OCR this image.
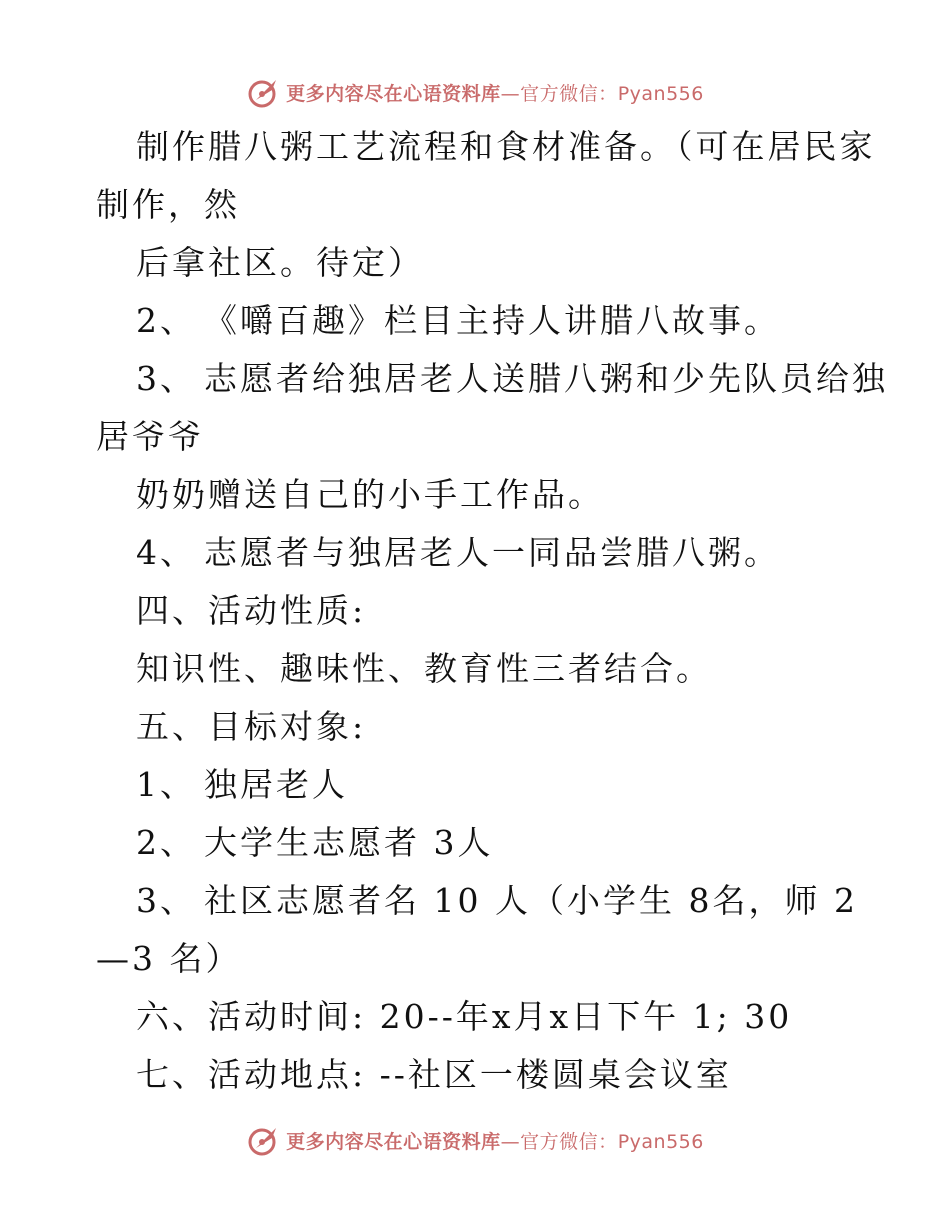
更多内容尽在心语资料库—官方微信：Pyan556
制作腊八粥工艺流程和食材准备。（可在居民家
制作，然
后拿社区。待定）
2、 《嚼百趣》栏目主持人讲腊八故事。
3、 志愿者给独居老人送腊八粥和少先队员给独
居爷爷
奶奶赠送自己的小手工作品。
4、 志愿者与独居老人一同品尝腊八粥。
四、活动性质:
知识性、趣味性、教育性三者结合。
五、目标对象:
1、 独居老人
2、 大学生志愿者 3人
3、 社区志愿者名 10 人（小学生 8名，师 2
—3 名）
六、活动时间: 20--年x月x日下午 1; 30
七、活动地点: --社区一楼圆桌会议室
更多内容尽在心语资料库—官方微信：Pyan556
